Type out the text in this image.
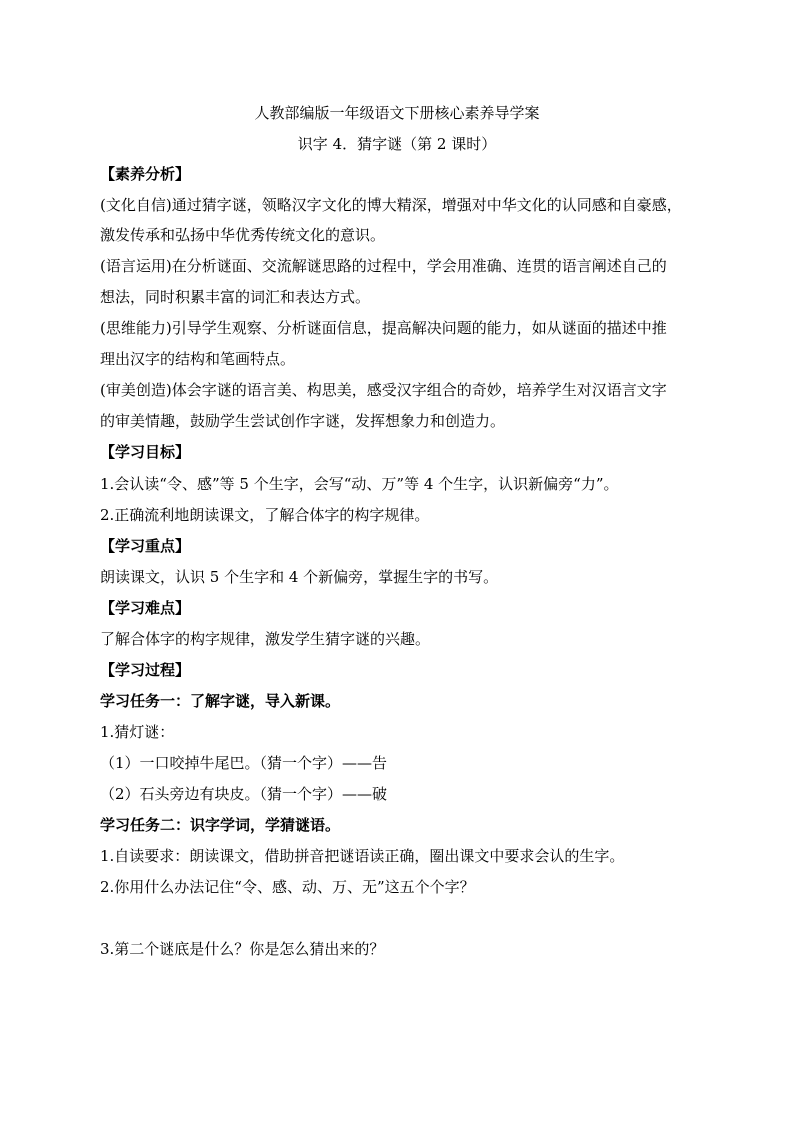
人教部编版一年级语文下册核心素养导学案
识字 4．猜字谜（第 2 课时）
【素养分析】
(文化自信)通过猜字谜，领略汉字文化的博大精深，增强对中华文化的认同感和自豪感，
激发传承和弘扬中华优秀传统文化的意识。
(语言运用)在分析谜面、交流解谜思路的过程中，学会用准确、连贯的语言阐述自己的
想法，同时积累丰富的词汇和表达方式。
(思维能力)引导学生观察、分析谜面信息，提高解决问题的能力，如从谜面的描述中推
理出汉字的结构和笔画特点。
(审美创造)体会字谜的语言美、构思美，感受汉字组合的奇妙，培养学生对汉语言文字
的审美情趣，鼓励学生尝试创作字谜，发挥想象力和创造力。
【学习目标】
1.会认读“令、感”等 5 个生字，会写“动、万”等 4 个生字，认识新偏旁“力”。
2.正确流利地朗读课文，了解合体字的构字规律。
【学习重点】
朗读课文，认识 5 个生字和 4 个新偏旁，掌握生字的书写。
【学习难点】
了解合体字的构字规律，激发学生猜字谜的兴趣。
【学习过程】
学习任务一：了解字谜，导入新课。
1.猜灯谜：
（1）一口咬掉牛尾巴。（猜一个字）——告
（2）石头旁边有块皮。（猜一个字）——破
学习任务二：识字学词，学猜谜语。
1.自读要求：朗读课文，借助拼音把谜语读正确，圈出课文中要求会认的生字。
2.你用什么办法记住“令、感、动、万、无”这五个个字？
3.第二个谜底是什么？你是怎么猜出来的？
